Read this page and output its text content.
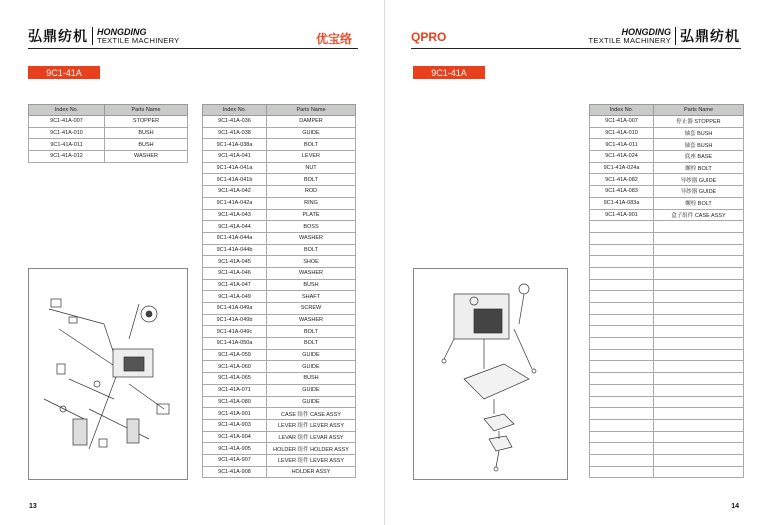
弘鼎纺机 HONGDING
TEXTILE MACHINERY	优宝络
9C1-41A
Index No.	Parts Name
9C1-41A-007	STOPPER
9C1-41A-010	BUSH
9C1-41A-011	BUSH
9C1-41A-012	WASHER
Index No.	Parts Name
9C1-41A-036	DAMPER
9C1-41A-038	GUIDE
9C1-41A-038a	BOLT
9C1-41A-041	LEVER
9C1-41A-041a	NUT
9C1-41A-041b	BOLT
9C1-41A-042	ROD
9C1-41A-042a	RING
9C1-41A-043	PLATE
9C1-41A-044	BOSS
9C1-41A-044a	WASHER
9C1-41A-044b	BOLT
9C1-41A-045	SHOE
9C1-41A-046	WASHER
9C1-41A-047	BUSH
9C1-41A-049	SHAFT
9C1-41A-049a	SCREW
9C1-41A-049b	WASHER
9C1-41A-049c	BOLT
9C1-41A-050a	BOLT
9C1-41A-059	GUIDE
9C1-41A-060	GUIDE
9C1-41A-065	BUSH
9C1-41A-071	GUIDE
9C1-41A-080	GUIDE
9C1-41A-901	CASE 组件 CASE ASSY
9C1-41A-903	LEVER 组件 LEVER ASSY
9C1-41A-904	LEVAR 组件 LEVAR ASSY
9C1-41A-905	HOLDER 组件 HOLDER ASSY
9C1-41A-907	LEVER 组件 LEVER ASSY
9C1-41A-908	HOLDER ASSY
13
QPRO	HONGDING
TEXTILE MACHINERY 弘鼎纺机
9C1-41A
Index No.	Parts Name
9C1-41A-007	停止器 STOPPER
9C1-41A-010	轴套 BUSH
9C1-41A-011	轴套 BUSH
9C1-41A-024	底座 BASE
9C1-41A-024a	螺栓 BOLT
9C1-41A-082	导纱器 GUIDE
9C1-41A-083	导纱器 GUIDE
9C1-41A-083a	螺栓 BOLT
9C1-41A-901	盒子组件 CASE ASSY

14
